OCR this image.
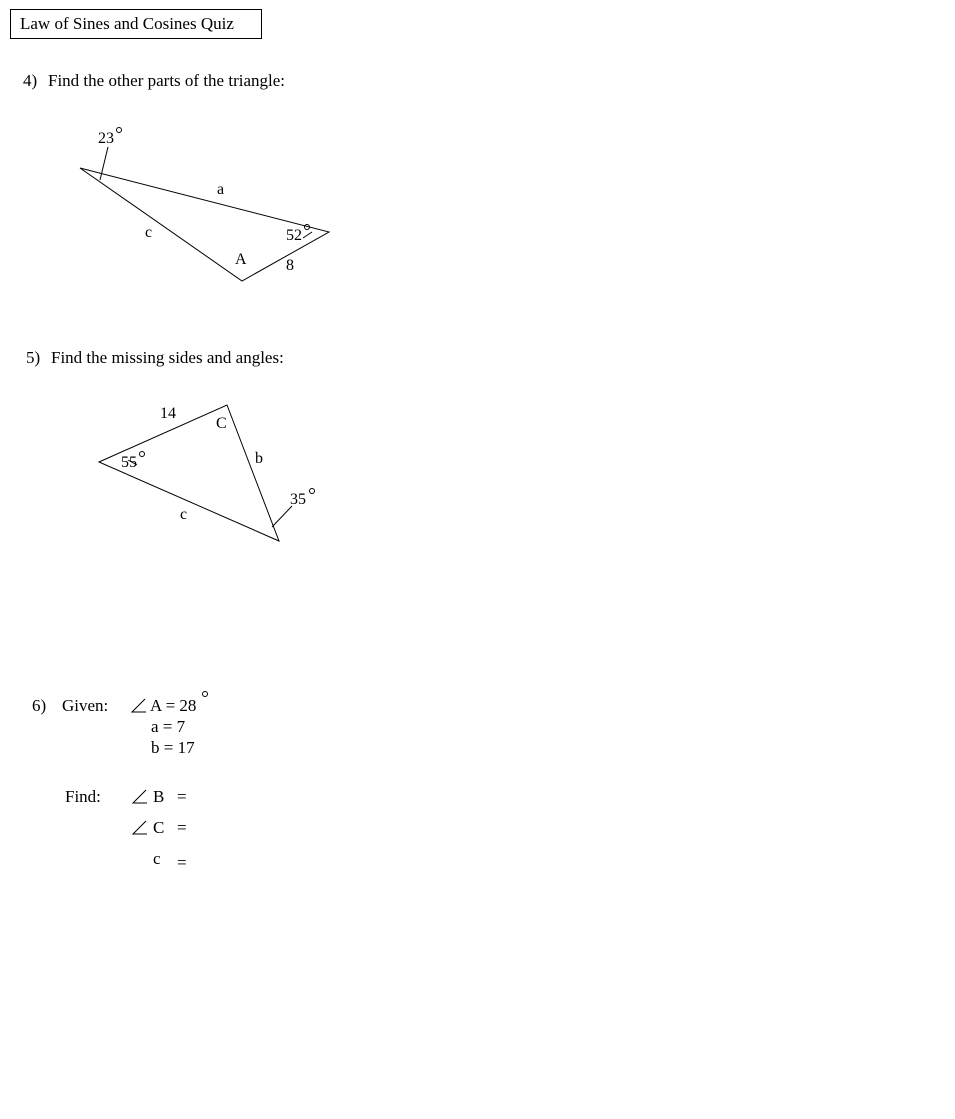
Law of Sines and Cosines Quiz
4) Find the other parts of the triangle:
23
a
c	52
A 8
5) Find the missing sides and angles:
14
C
55	b
35
c
6) Given: A = 28
a = 7
b = 17
Find:	B =
C =
c =
